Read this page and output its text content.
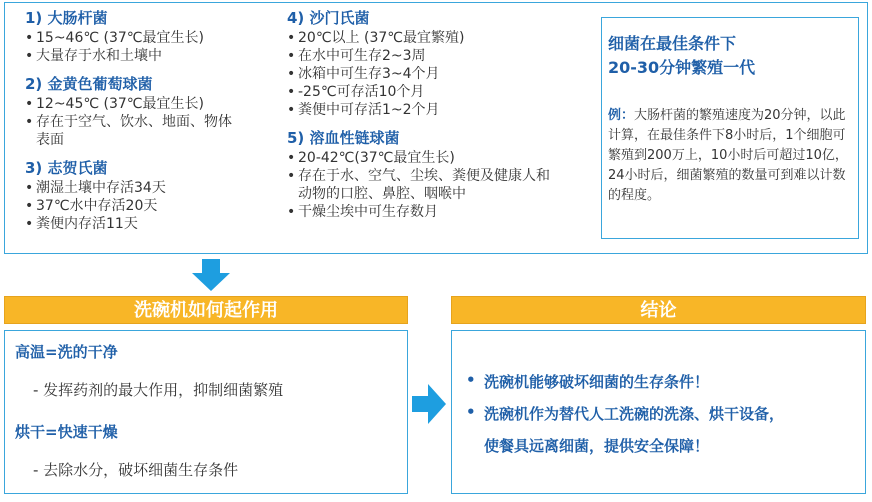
1) 大肠杆菌
• 15~46℃ (37℃最宜生长)
• 大量存于水和土壤中
2) 金黄色葡萄球菌
• 12~45℃ (37℃最宜生长)
• 存在于空气、饮水、地面、物体表面
3) 志贺氏菌
• 潮湿土壤中存活34天
• 37℃水中存活20天
• 粪便内存活11天
4) 沙门氏菌
• 20℃以上 (37℃最宜繁殖)
• 在水中可生存2~3周
• 冰箱中可生存3~4个月
• -25℃可存活10个月
• 粪便中可存活1~2个月
5) 溶血性链球菌
• 20-42℃(37℃最宜生长)
• 存在于水、空气、尘埃、粪便及健康人和动物的口腔、鼻腔、咽喉中
• 干燥尘埃中可生存数月
细菌在最佳条件下
20-30分钟繁殖一代
例：大肠杆菌的繁殖速度为20分钟，以此计算，在最佳条件下8小时后，1个细胞可繁殖到200万上，10小时后可超过10亿，24小时后，细菌繁殖的数量可到难以计数的程度。
洗碗机如何起作用
高温=洗的干净
- 发挥药剂的最大作用，抑制细菌繁殖
烘干=快速干燥
- 去除水分，破坏细菌生存条件
结论
• 洗碗机能够破坏细菌的生存条件！
• 洗碗机作为替代人工洗碗的洗涤、烘干设备，
使餐具远离细菌，提供安全保障！
